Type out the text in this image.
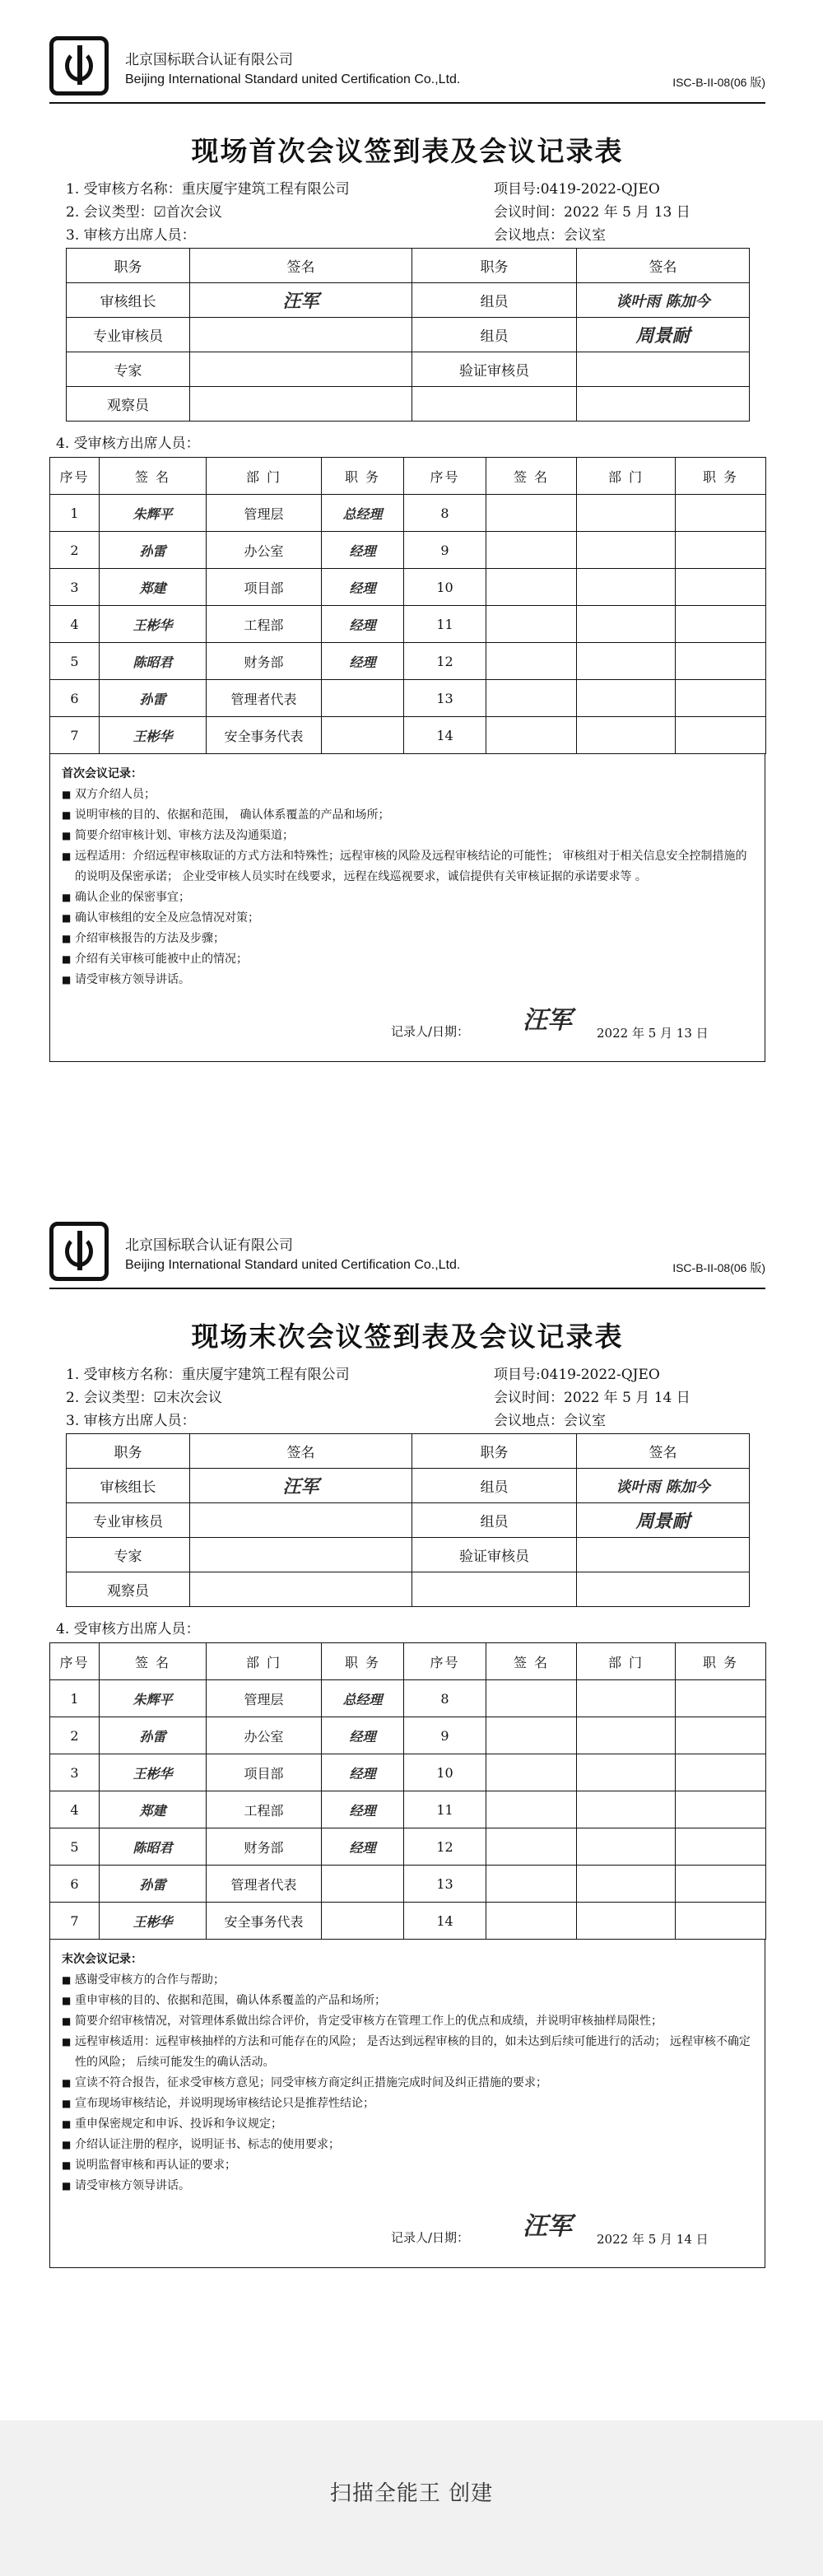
北京国标联合认证有限公司
Beijing International Standard united Certification Co.,Ltd.	ISC-B-II-08(06 版)
现场首次会议签到表及会议记录表
1. 受审核方名称：重庆厦宇建筑工程有限公司	项目号:0419-2022-QJEO
2. 会议类型：☑首次会议	会议时间：2022 年 5 月 13 日
3. 审核方出席人员：	会议地点：会议室
职务	签名	职务	签名
审核组长	汪军	组员	谈叶雨 陈加今
专业审核员		组员	周景耐
专家		验证审核员	
观察员			
4. 受审核方出席人员：
序号	签 名	部 门	职 务	序号	签 名	部 门	职 务
1	朱辉平	管理层	总经理	8			
2	孙雷	办公室	经理	9			
3	郑建	项目部	经理	10			
4	王彬华	工程部	经理	11			
5	陈昭君	财务部	经理	12			
6	孙雷	管理者代表		13			
7	王彬华	安全事务代表		14			
首次会议记录：
■ 双方介绍人员；
■ 说明审核的目的、依据和范围， 确认体系覆盖的产品和场所；
■ 简要介绍审核计划、审核方法及沟通渠道；
■ 远程适用：介绍远程审核取证的方式方法和特殊性；远程审核的风险及远程审核结论的可能性； 审核组对于相关信息安全控制措施的的说明及保密承诺； 企业受审核人员实时在线要求，远程在线巡视要求，诚信提供有关审核证据的承诺要求等 。
■ 确认企业的保密事宜；
■ 确认审核组的安全及应急情况对策；
■ 介绍审核报告的方法及步骤；
■ 介绍有关审核可能被中止的情况；
■ 请受审核方领导讲话。
记录人/日期： 汪军 2022 年 5 月 13 日
北京国标联合认证有限公司
Beijing International Standard united Certification Co.,Ltd.	ISC-B-II-08(06 版)
现场末次会议签到表及会议记录表
1. 受审核方名称：重庆厦宇建筑工程有限公司	项目号:0419-2022-QJEO
2. 会议类型：☑末次会议	会议时间：2022 年 5 月 14 日
3. 审核方出席人员：	会议地点：会议室
职务	签名	职务	签名
审核组长	汪军	组员	谈叶雨 陈加今
专业审核员		组员	周景耐
专家		验证审核员	
观察员			
4. 受审核方出席人员：
序号	签 名	部 门	职 务	序号	签 名	部 门	职 务
1	朱辉平	管理层	总经理	8			
2	孙雷	办公室	经理	9			
3	王彬华	项目部	经理	10			
4	郑建	工程部	经理	11			
5	陈昭君	财务部	经理	12			
6	孙雷	管理者代表		13			
7	王彬华	安全事务代表		14			
末次会议记录：
■ 感谢受审核方的合作与帮助；
■ 重申审核的目的、依据和范围，确认体系覆盖的产品和场所；
■ 简要介绍审核情况，对管理体系做出综合评价，肯定受审核方在管理工作上的优点和成绩，并说明审核抽样局限性；
■ 远程审核适用：远程审核抽样的方法和可能存在的风险； 是否达到远程审核的目的，如未达到后续可能进行的活动； 远程审核不确定性的风险； 后续可能发生的确认活动。
■ 宣读不符合报告，征求受审核方意见；同受审核方商定纠正措施完成时间及纠正措施的要求；
■ 宣布现场审核结论，并说明现场审核结论只是推荐性结论；
■ 重申保密规定和申诉、投诉和争议规定；
■ 介绍认证注册的程序，说明证书、标志的使用要求；
■ 说明监督审核和再认证的要求；
■ 请受审核方领导讲话。
记录人/日期： 汪军 2022 年 5 月 14 日
扫描全能王 创建
